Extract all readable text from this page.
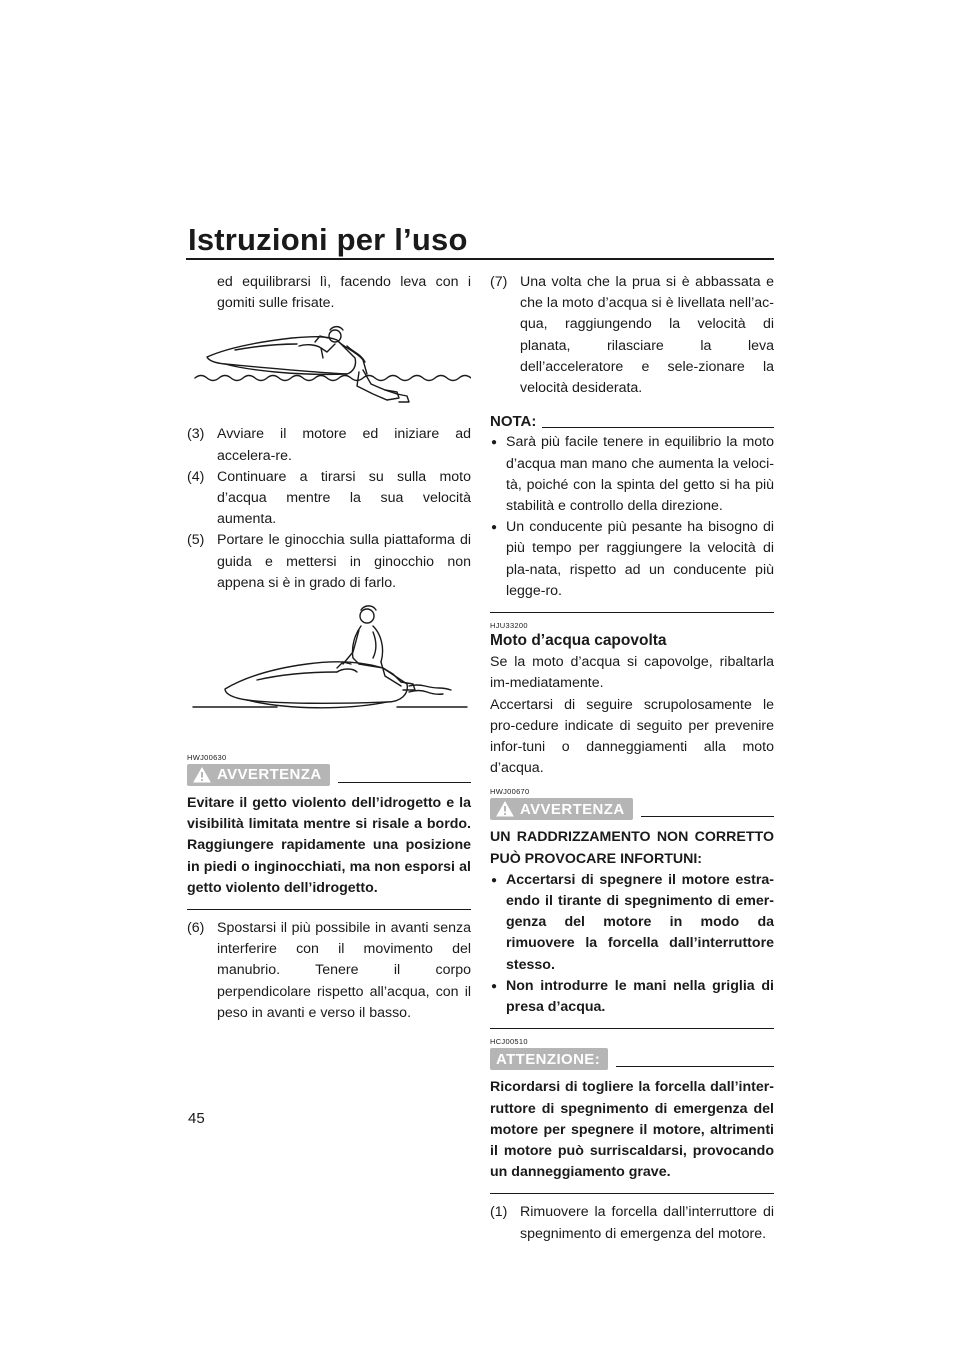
Istruzioni per l’uso

ed equilibrarsi lì, facendo leva con i gomiti sulle frisate.

(3) Avviare il motore ed iniziare ad accelera-re.
(4) Continuare a tirarsi su sulla moto d’acqua mentre la sua velocità aumenta.
(5) Portare le ginocchia sulla piattaforma di guida e mettersi in ginocchio non appena si è in grado di farlo.
HWJ00630
AVVERTENZA

Evitare il getto violento dell’idrogetto e la visibilità limitata mentre si risale a bordo. Raggiungere rapidamente una posizione in piedi o inginocchiati, ma non esporsi al getto violento dell’idrogetto.

(6) Spostarsi il più possibile in avanti senza interferire con il movimento del manubrio. Tenere il corpo perpendicolare rispetto all’acqua, con il peso in avanti e verso il basso.
(7) Una volta che la prua si è abbassata e che la moto d’acqua si è livellata nell’ac-qua, raggiungendo la velocità di planata, rilasciare la leva dell’acceleratore e sele-zionare la velocità desiderata.
NOTA:
● Sarà più facile tenere in equilibrio la moto d’acqua man mano che aumenta la veloci-tà, poiché con la spinta del getto si ha più stabilità e controllo della direzione.
● Un conducente più pesante ha bisogno di più tempo per raggiungere la velocità di pla-nata, rispetto ad un conducente più legge-ro.
HJU33200
Moto d’acqua capovolta

Se la moto d’acqua si capovolge, ribaltarla im-mediatamente.

Accertarsi di seguire scrupolosamente le pro-cedure indicate di seguito per prevenire infor-tuni o danneggiamenti alla moto d’acqua.

HWJ00670
AVVERTENZA

UN RADDRIZZAMENTO NON CORRETTO PUÒ PROVOCARE INFORTUNI:

● Accertarsi di spegnere il motore estra-endo il tirante di spegnimento di emer-genza del motore in modo da rimuovere la forcella dall’interruttore stesso.
● Non introdurre le mani nella griglia di presa d’acqua.
HCJ00510
ATTENZIONE:

Ricordarsi di togliere la forcella dall’inter-ruttore di spegnimento di emergenza del motore per spegnere il motore, altrimenti il motore può surriscaldarsi, provocando un danneggiamento grave.

(1) Rimuovere la forcella dall’interruttore di spegnimento di emergenza del motore.
45
